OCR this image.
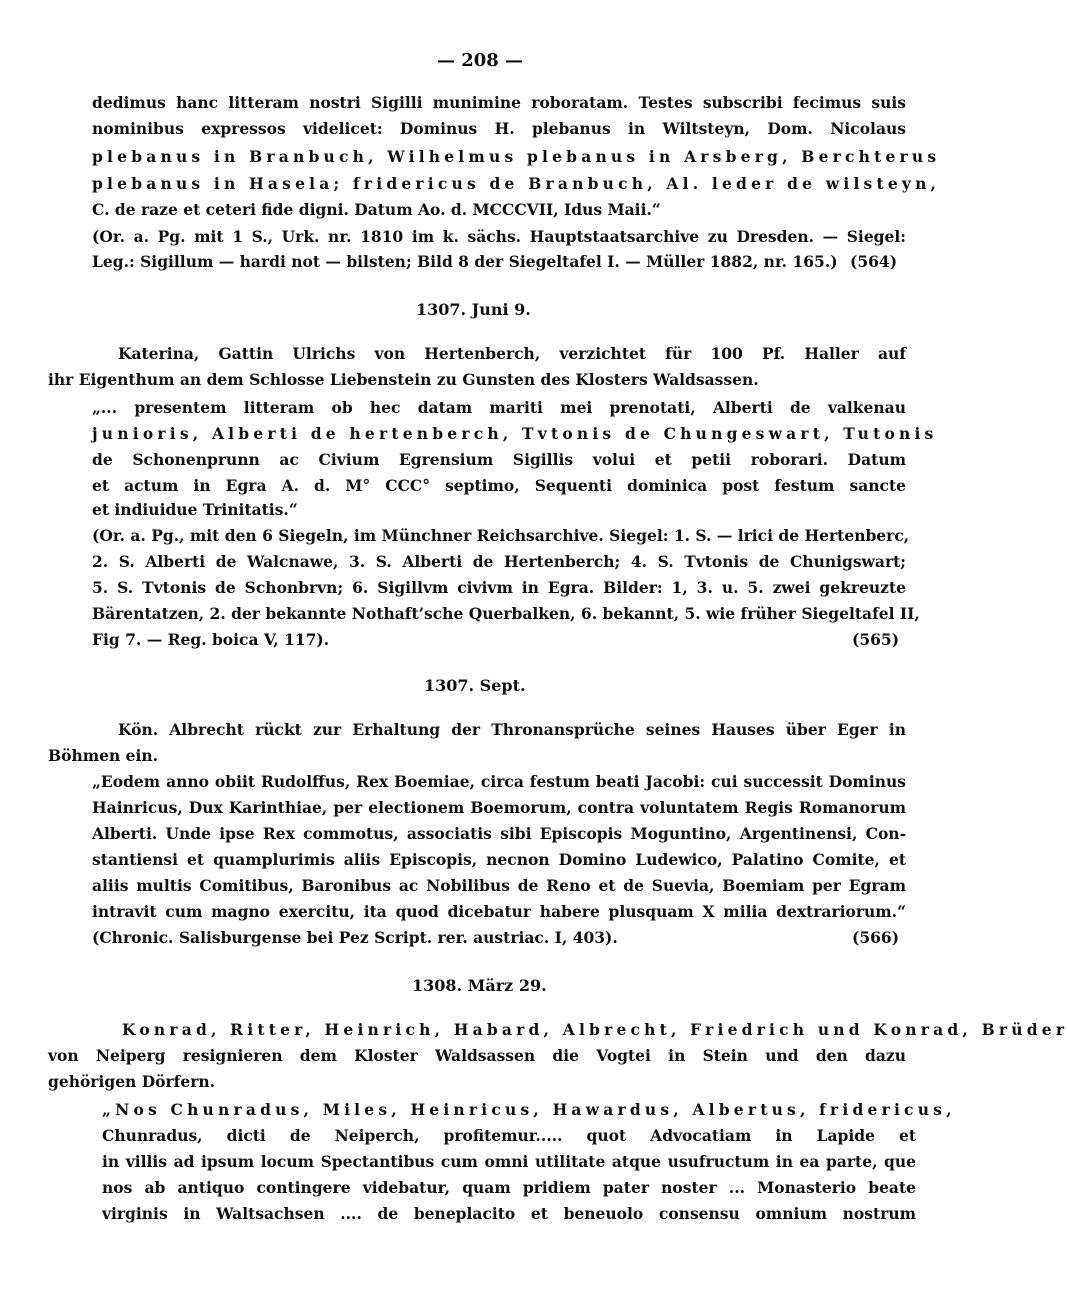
— 208 —
dedimus hanc litteram nostri Sigilli munimine roboratam. Testes subscribi fecimus suis
nominibus expressos videlicet: Dominus H. plebanus in Wiltsteyn, Dom. Nicolaus
plebanus in Branbuch, Wilhelmus plebanus in Arsberg, Berchterus
plebanus in Hasela; fridericus de Branbuch, Al. leder de wilsteyn,
C. de raze et ceteri fide digni. Datum Ao. d. MCCCVII, Idus Maii.“
(Or. a. Pg. mit 1 S., Urk. nr. 1810 im k. sächs. Hauptstaatsarchive zu Dresden. — Siegel:
Leg.: Sigillum — hardi not — bilsten; Bild 8 der Siegeltafel I. — Müller 1882, nr. 165.) (564)
1307. Juni 9.
Katerina, Gattin Ulrichs von Hertenberch, verzichtet für 100 Pf. Haller auf
ihr Eigenthum an dem Schlosse Liebenstein zu Gunsten des Klosters Waldsassen.
„... presentem litteram ob hec datam mariti mei prenotati, Alberti de valkenau
junioris, Alberti de hertenberch, Tvtonis de Chungeswart, Tutonis
de Schonenprunn ac Civium Egrensium Sigillis volui et petii roborari. Datum
et actum in Egra A. d. M° CCC° septimo, Sequenti dominica post festum sancte
et indiuidue Trinitatis.“
(Or. a. Pg., mit den 6 Siegeln, im Münchner Reichsarchive. Siegel: 1. S. — lrici de Hertenberc,
2. S. Alberti de Walcnawe, 3. S. Alberti de Hertenberch; 4. S. Tvtonis de Chunigswart;
5. S. Tvtonis de Schonbrvn; 6. Sigillvm civivm in Egra. Bilder: 1, 3. u. 5. zwei gekreuzte
Bärentatzen, 2. der bekannte Nothaft’sche Querbalken, 6. bekannt, 5. wie früher Siegeltafel II,
Fig 7. — Reg. boica V, 117).	(565)
1307. Sept.
Kön. Albrecht rückt zur Erhaltung der Thronansprüche seines Hauses über Eger in
Böhmen ein.
„Eodem anno obiit Rudolffus, Rex Boemiae, circa festum beati Jacobi: cui successit Dominus
Hainricus, Dux Karinthiae, per electionem Boemorum, contra voluntatem Regis Romanorum
Alberti. Unde ipse Rex commotus, associatis sibi Episcopis Moguntino, Argentinensi, Con-
stantiensi et quamplurimis aliis Episcopis, necnon Domino Ludewico, Palatino Comite, et
aliis multis Comitibus, Baronibus ac Nobilibus de Reno et de Suevia, Boemiam per Egram
intravit cum magno exercitu, ita quod dicebatur habere plusquam X milia dextrariorum.“
(Chronic. Salisburgense bei Pez Script. rer. austriac. I, 403).	(566)
1308. März 29.
Konrad, Ritter, Heinrich, Habard, Albrecht, Friedrich und Konrad, Brüder
von Neiperg resignieren dem Kloster Waldsassen die Vogtei in Stein und den dazu
gehörigen Dörfern.
„Nos Chunradus, Miles, Heinricus, Hawardus, Albertus, fridericus,
Chunradus, dicti de Neiperch, profitemur..... quot Advocatiam in Lapide et
in villis ad ipsum locum Spectantibus cum omni utilitate atque usufructum in ea parte, que
nos ab antiquo contingere videbatur, quam pridiem pater noster ... Monasterio beate
virginis in Waltsachsen .... de beneplacito et beneuolo consensu omnium nostrum
